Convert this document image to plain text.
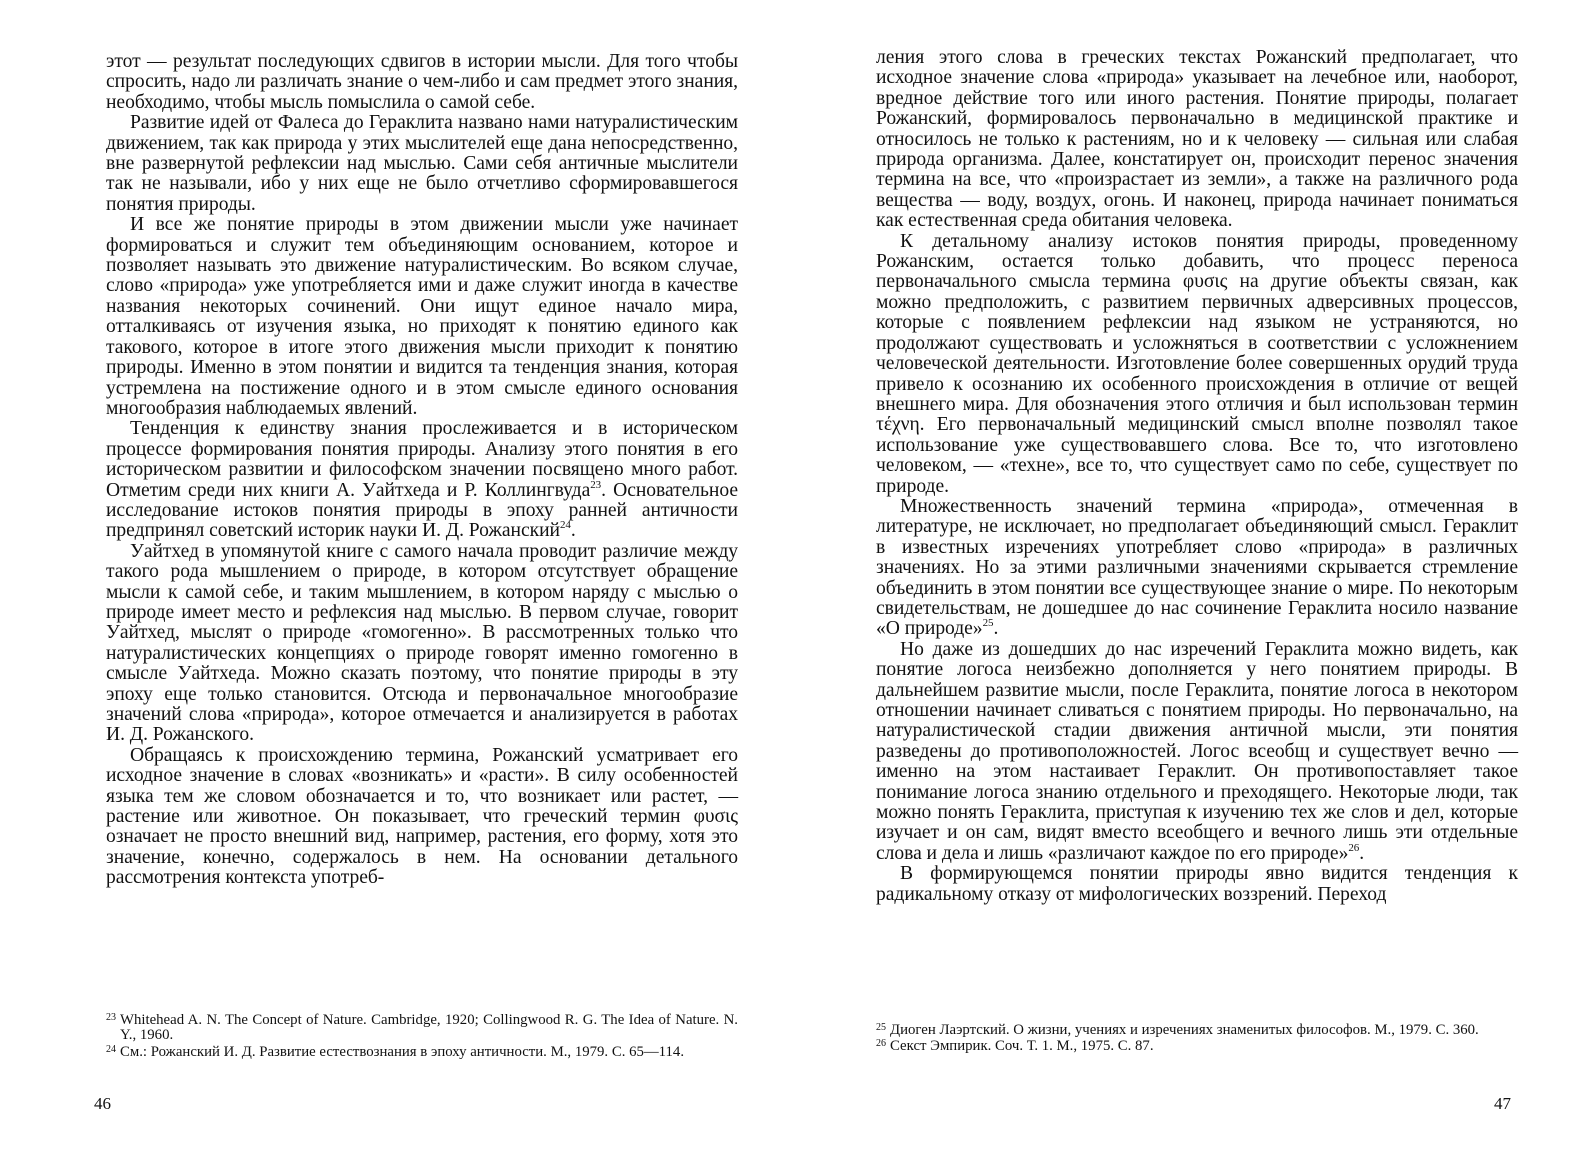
этот — результат последующих сдвигов в истории мысли. Для того чтобы спросить, надо ли различать знание о чем-либо и сам предмет этого знания, необходимо, чтобы мысль помыслила о самой себе.

Развитие идей от Фалеса до Гераклита названо нами натуралистическим движением, так как природа у этих мыслителей еще дана непосредственно, вне развернутой рефлексии над мыслью. Сами себя античные мыслители так не называли, ибо у них еще не было отчетливо сформировавшегося понятия природы.

И все же понятие природы в этом движении мысли уже начинает формироваться и служит тем объединяющим основанием, которое и позволяет называть это движение натуралистическим. Во всяком случае, слово «природа» уже употребляется ими и даже служит иногда в качестве названия некоторых сочинений. Они ищут единое начало мира, отталкиваясь от изучения языка, но приходят к понятию единого как такового, которое в итоге этого движения мысли приходит к понятию природы. Именно в этом понятии и видится та тенденция знания, которая устремлена на постижение одного и в этом смысле единого основания многообразия наблюдаемых явлений.

Тенденция к единству знания прослеживается и в историческом процессе формирования понятия природы. Анализу этого понятия в его историческом развитии и философском значении посвящено много работ. Отметим среди них книги А. Уайтхеда и Р. Коллингвуда$^{23}$. Основательное исследование истоков понятия природы в эпоху ранней античности предпринял советский историк науки И. Д. Рожанский$^{24}$.

Уайтхед в упомянутой книге с самого начала проводит различие между такого рода мышлением о природе, в котором отсутствует обращение мысли к самой себе, и таким мышлением, в котором наряду с мыслью о природе имеет место и рефлексия над мыслью. В первом случае, говорит Уайтхед, мыслят о природе «гомогенно». В рассмотренных только что натуралистических концепциях о природе говорят именно гомогенно в смысле Уайтхеда. Можно сказать поэтому, что понятие природы в эту эпоху еще только становится. Отсюда и первоначальное многообразие значений слова «природа», которое отмечается и анализируется в работах И. Д. Рожанского.

Обращаясь к происхождению термина, Рожанский усматривает его исходное значение в словах «возникать» и «расти». В силу особенностей языка тем же словом обозначается и то, что возникает или растет, — растение или животное. Он показывает, что греческий термин φυσις означает не просто внешний вид, например, растения, его форму, хотя это значение, конечно, содержалось в нем. На основании детального рассмотрения контекста употреб-

23 Whitehead A. N. The Concept of Nature. Cambridge, 1920; Collingwood R. G. The Idea of Nature. N. Y., 1960.
24 См.: Рожанский И. Д. Развитие естествознания в эпоху античности. М., 1979. С. 65—114.
46

ления этого слова в греческих текстах Рожанский предполагает, что исходное значение слова «природа» указывает на лечебное или, наоборот, вредное действие того или иного растения. Понятие природы, полагает Рожанский, формировалось первоначально в медицинской практике и относилось не только к растениям, но и к человеку — сильная или слабая природа организма. Далее, констатирует он, происходит перенос значения термина на все, что «произрастает из земли», а также на различного рода вещества — воду, воздух, огонь. И наконец, природа начинает пониматься как естественная среда обитания человека.

К детальному анализу истоков понятия природы, проведенному Рожанским, остается только добавить, что процесс переноса первоначального смысла термина φυσις на другие объекты связан, как можно предположить, с развитием первичных адверсивных процессов, которые с появлением рефлексии над языком не устраняются, но продолжают существовать и усложняться в соответствии с усложнением человеческой деятельности. Изготовление более совершенных орудий труда привело к осознанию их особенного происхождения в отличие от вещей внешнего мира. Для обозначения этого отличия и был использован термин τέχνη. Его первоначальный медицинский смысл вполне позволял такое использование уже существовавшего слова. Все то, что изготовлено человеком, — «техне», все то, что существует само по себе, существует по природе.

Множественность значений термина «природа», отмеченная в литературе, не исключает, но предполагает объединяющий смысл. Гераклит в известных изречениях употребляет слово «природа» в различных значениях. Но за этими различными значениями скрывается стремление объединить в этом понятии все существующее знание о мире. По некоторым свидетельствам, не дошедшее до нас сочинение Гераклита носило название «О природе»$^{25}$.

Но даже из дошедших до нас изречений Гераклита можно видеть, как понятие логоса неизбежно дополняется у него понятием природы. В дальнейшем развитие мысли, после Гераклита, понятие логоса в некотором отношении начинает сливаться с понятием природы. Но первоначально, на натуралистической стадии движения античной мысли, эти понятия разведены до противоположностей. Логос всеобщ и существует вечно — именно на этом настаивает Гераклит. Он противопоставляет такое понимание логоса знанию отдельного и преходящего. Некоторые люди, так можно понять Гераклита, приступая к изучению тех же слов и дел, которые изучает и он сам, видят вместо всеобщего и вечного лишь эти отдельные слова и дела и лишь «различают каждое по его природе»$^{26}$.

В формирующемся понятии природы явно видится тенденция к радикальному отказу от мифологических воззрений. Переход

25 Диоген Лаэртский. О жизни, учениях и изречениях знаменитых философов. М., 1979. С. 360.
26 Секст Эмпирик. Соч. Т. 1. М., 1975. С. 87.
47
